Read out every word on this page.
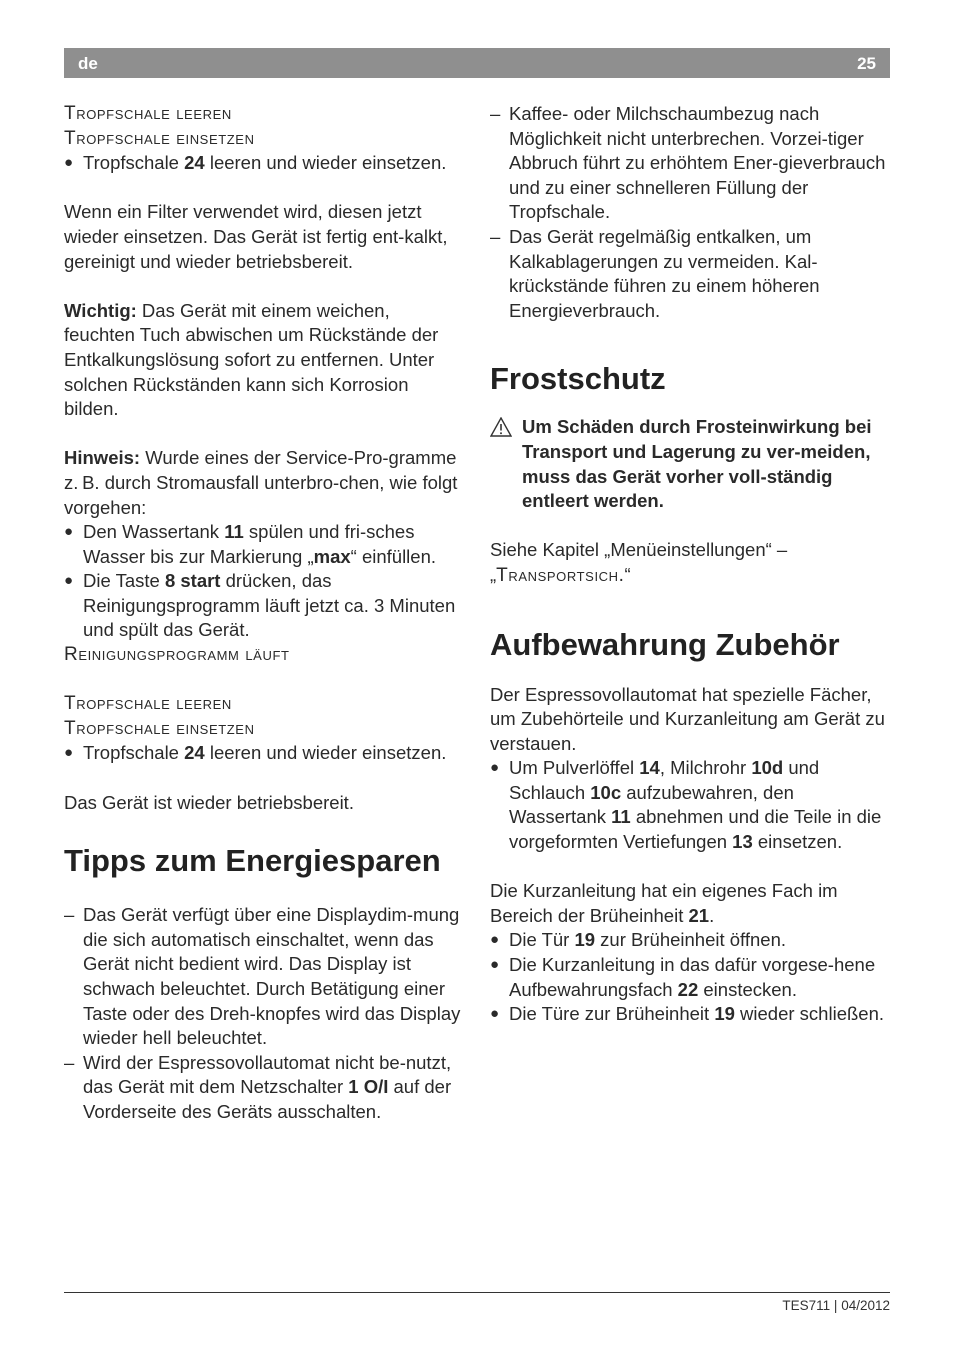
de	25
Tropfschale leeren
Tropfschale einsetzen
● Tropfschale 24 leeren und wieder einsetzen.
Wenn ein Filter verwendet wird, diesen jetzt wieder einsetzen. Das Gerät ist fertig ent-kalkt, gereinigt und wieder betriebsbereit.
Wichtig: Das Gerät mit einem weichen, feuchten Tuch abwischen um Rückstände der Entkalkungslösung sofort zu entfernen. Unter solchen Rückständen kann sich Korrosion bilden.
Hinweis: Wurde eines der Service-Pro-gramme z. B. durch Stromausfall unterbro-chen, wie folgt vorgehen:
● Den Wassertank 11 spülen und fri-sches Wasser bis zur Markierung „max“ einfüllen.
● Die Taste 8 start drücken, das Reinigungsprogramm läuft jetzt ca. 3 Minuten und spült das Gerät.
Reinigungsprogramm läuft
Tropfschale leeren
Tropfschale einsetzen
● Tropfschale 24 leeren und wieder einsetzen.
Das Gerät ist wieder betriebsbereit.
Tipps zum Energiesparen
– Das Gerät verfügt über eine Displaydim-mung die sich automatisch einschaltet, wenn das Gerät nicht bedient wird. Das Display ist schwach beleuchtet. Durch Betätigung einer Taste oder des Dreh-knopfes wird das Display wieder hell beleuchtet.
– Wird der Espressovollautomat nicht be-nutzt, das Gerät mit dem Netzschalter 1 O/I auf der Vorderseite des Geräts ausschalten.
– Kaffee- oder Milchschaumbezug nach Möglichkeit nicht unterbrechen. Vorzei-tiger Abbruch führt zu erhöhtem Ener-gieverbrauch und zu einer schnelleren Füllung der Tropfschale.
– Das Gerät regelmäßig entkalken, um Kalkablagerungen zu vermeiden. Kal-krückstände führen zu einem höheren Energieverbrauch.
Frostschutz
Um Schäden durch Frosteinwirkung bei Transport und Lagerung zu ver-meiden, muss das Gerät vorher voll-ständig entleert werden.
Siehe Kapitel „Menüeinstellungen“ –
„Transportsich.“
Aufbewahrung Zubehör
Der Espressovollautomat hat spezielle Fächer, um Zubehörteile und Kurzanleitung am Gerät zu verstauen.
● Um Pulverlöffel 14, Milchrohr 10d und Schlauch 10c aufzubewahren, den Wassertank 11 abnehmen und die Teile in die vorgeformten Vertiefungen 13 einsetzen.
Die Kurzanleitung hat ein eigenes Fach im Bereich der Brüheinheit 21.
● Die Tür 19 zur Brüheinheit öffnen.
● Die Kurzanleitung in das dafür vorgese-hene Aufbewahrungsfach 22 einstecken.
● Die Türe zur Brüheinheit 19 wieder schließen.
TES711 | 04/2012
